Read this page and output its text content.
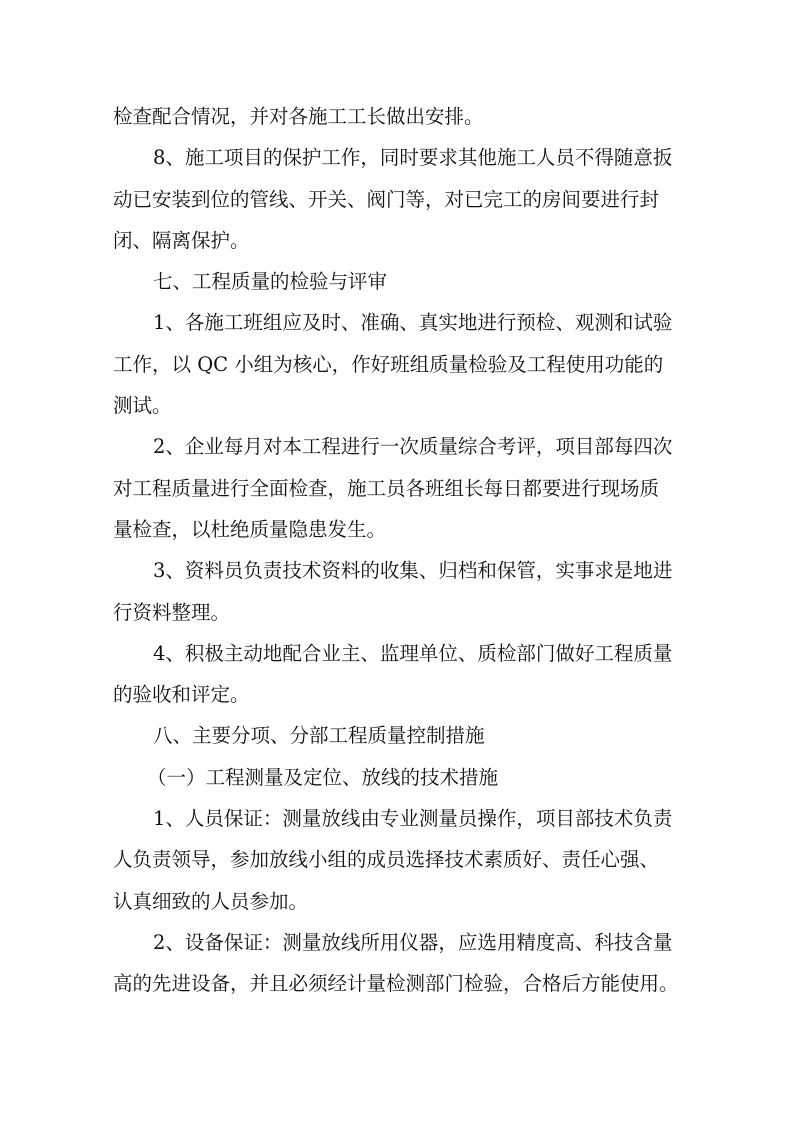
检查配合情况，并对各施工工长做出安排。
8、施工项目的保护工作，同时要求其他施工人员不得随意扳
动已安装到位的管线、开关、阀门等，对已完工的房间要进行封
闭、隔离保护。
七、工程质量的检验与评审
1、各施工班组应及时、准确、真实地进行预检、观测和试验
工作，以 QC 小组为核心，作好班组质量检验及工程使用功能的
测试。
2、企业每月对本工程进行一次质量综合考评，项目部每四次
对工程质量进行全面检查，施工员各班组长每日都要进行现场质
量检查，以杜绝质量隐患发生。
3、资料员负责技术资料的收集、归档和保管，实事求是地进
行资料整理。
4、积极主动地配合业主、监理单位、质检部门做好工程质量
的验收和评定。
八、主要分项、分部工程质量控制措施
（一）工程测量及定位、放线的技术措施
1、人员保证：测量放线由专业测量员操作，项目部技术负责
人负责领导，参加放线小组的成员选择技术素质好、责任心强、
认真细致的人员参加。
2、设备保证：测量放线所用仪器，应选用精度高、科技含量
高的先进设备，并且必须经计量检测部门检验，合格后方能使用。
